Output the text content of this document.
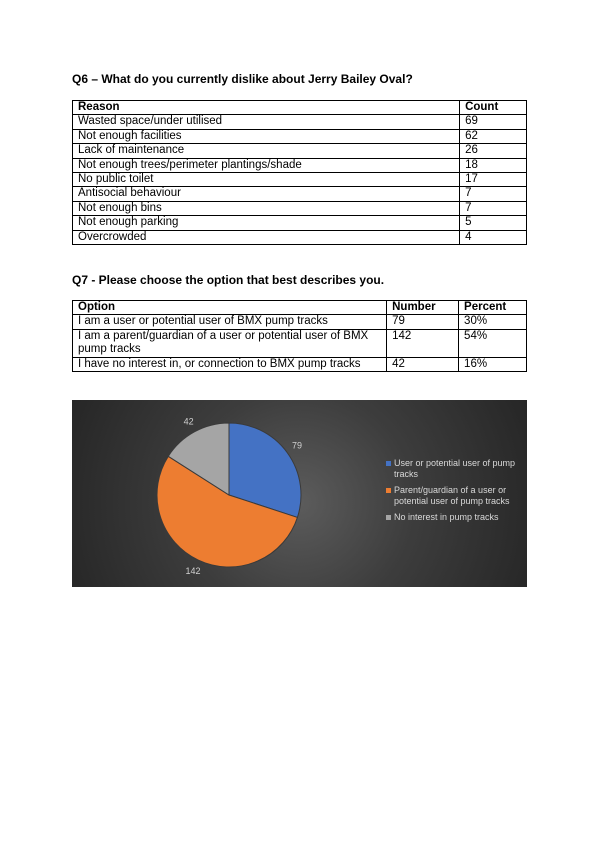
Q6 – What do you currently dislike about Jerry Bailey Oval?

Reason	Count
Wasted space/under utilised	69
Not enough facilities	62
Lack of maintenance	26
Not enough trees/perimeter plantings/shade	18
No public toilet	17
Antisocial behaviour	7
Not enough bins	7
Not enough parking	5
Overcrowded	4

Q7 - Please choose the option that best describes you.

Option	Number	Percent
I am a user or potential user of BMX pump tracks	79	30%
I am a parent/guardian of a user or potential user of BMX pump tracks	142	54%
I have no interest in, or connection to BMX pump tracks	42	16%
79
142
42
User or potential user of pump tracks
Parent/guardian of a user or potential user of pump tracks
No interest in pump tracks
